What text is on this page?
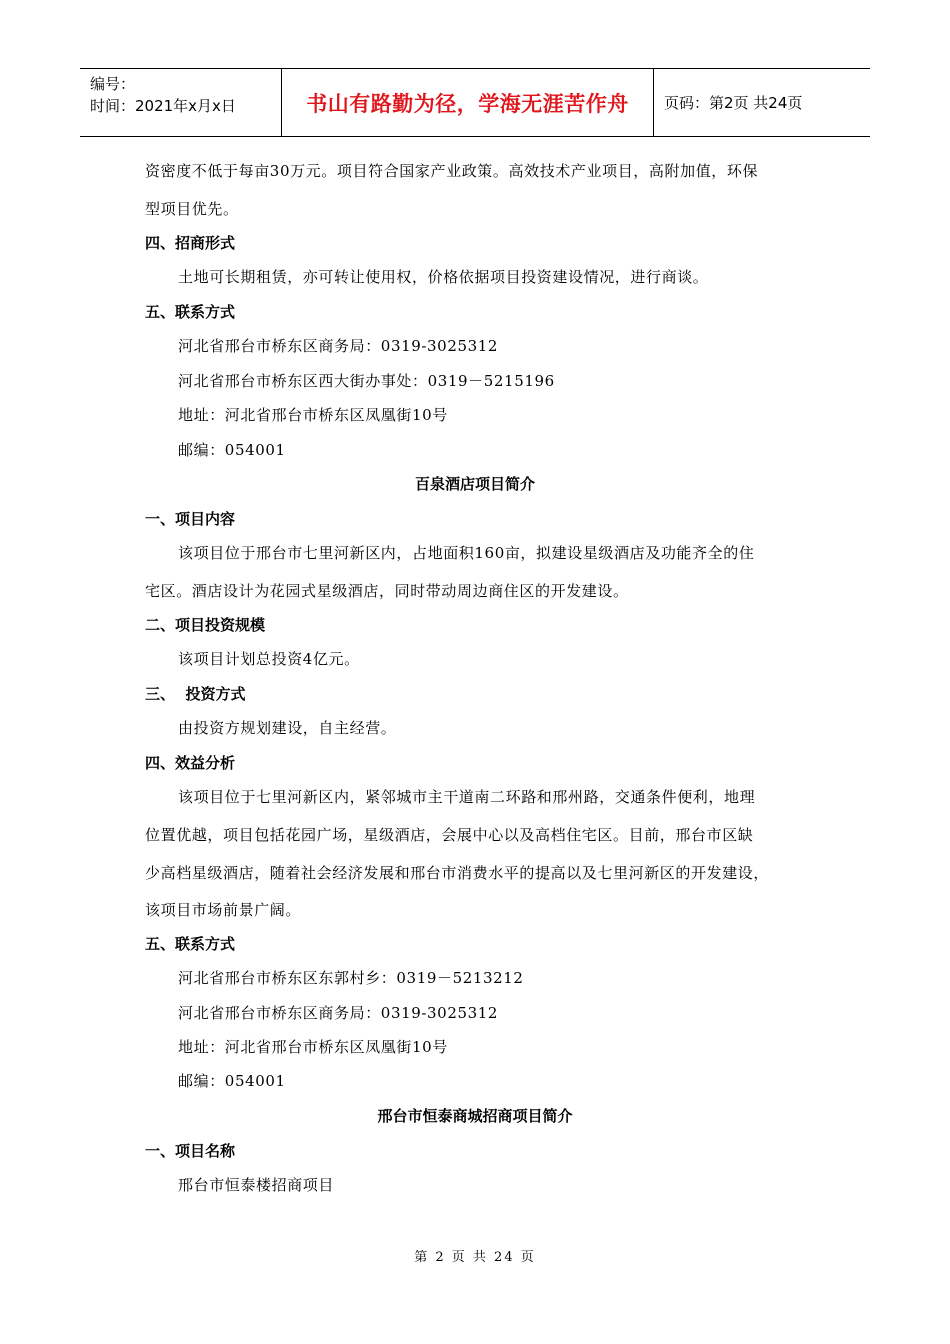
编号：
时间：2021年x月x日	书山有路勤为径，学海无涯苦作舟	页码：第2页 共24页
资密度不低于每亩30万元。项目符合国家产业政策。高效技术产业项目，高附加值，环保
型项目优先。
四、招商形式
土地可长期租赁，亦可转让使用权，价格依据项目投资建设情况，进行商谈。
五、联系方式
河北省邢台市桥东区商务局：0319-3025312
河北省邢台市桥东区西大街办事处：0319－5215196
地址：河北省邢台市桥东区凤凰街10号
邮编：054001
百泉酒店项目简介
一、项目内容
该项目位于邢台市七里河新区内，占地面积160亩，拟建设星级酒店及功能齐全的住
宅区。酒店设计为花园式星级酒店，同时带动周边商住区的开发建设。
二、项目投资规模
该项目计划总投资4亿元。
三、  投资方式
由投资方规划建设，自主经营。
四、效益分析
该项目位于七里河新区内，紧邻城市主干道南二环路和邢州路，交通条件便利，地理
位置优越，项目包括花园广场，星级酒店，会展中心以及高档住宅区。目前，邢台市区缺
少高档星级酒店，随着社会经济发展和邢台市消费水平的提高以及七里河新区的开发建设，
该项目市场前景广阔。
五、联系方式
河北省邢台市桥东区东郭村乡：0319－5213212
河北省邢台市桥东区商务局：0319-3025312
地址：河北省邢台市桥东区凤凰街10号
邮编：054001
邢台市恒泰商城招商项目简介
一、项目名称
邢台市恒泰楼招商项目
第 2 页 共 24 页
